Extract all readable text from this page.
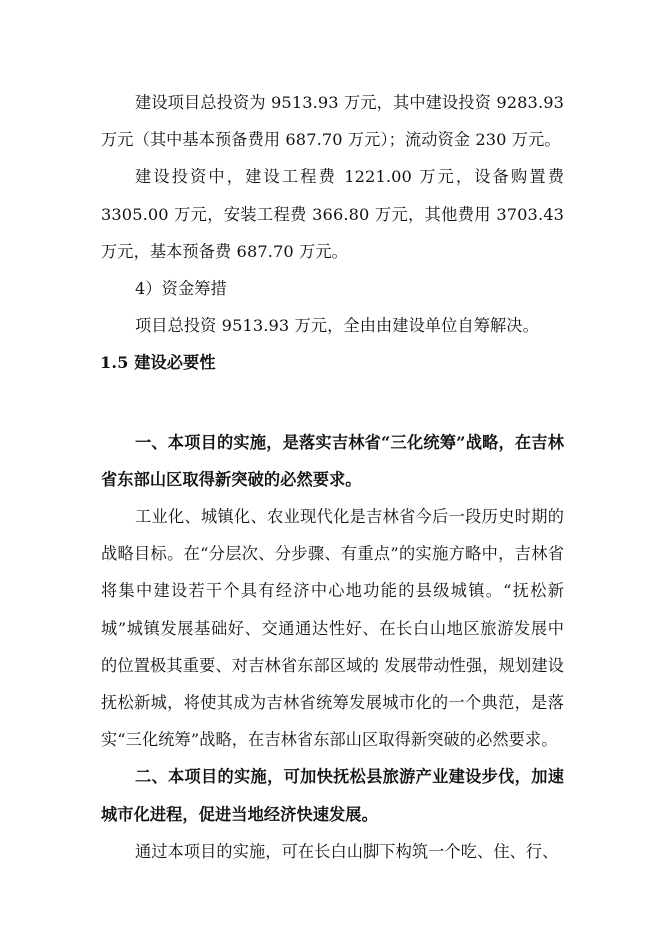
建设项目总投资为 9513.93 万元，其中建设投资 9283.93 万元（其中基本预备费用 687.70 万元）；流动资金 230 万元。

建设投资中，建设工程费 1221.00 万元，设备购置费 3305.00 万元，安装工程费 366.80 万元，其他费用 3703.43 万元，基本预备费 687.70 万元。

4）资金筹措

项目总投资 9513.93 万元，全由由建设单位自筹解决。

1.5 建设必要性

一、本项目的实施，是落实吉林省“三化统筹”战略，在吉林省东部山区取得新突破的必然要求。

工业化、城镇化、农业现代化是吉林省今后一段历史时期的战略目标。在“分层次、分步骤、有重点”的实施方略中，吉林省将集中建设若干个具有经济中心地功能的县级城镇。“抚松新城”城镇发展基础好、交通通达性好、在长白山地区旅游发展中的位置极其重要、对吉林省东部区域的 发展带动性强，规划建设抚松新城，将使其成为吉林省统筹发展城市化的一个典范，是落实“三化统筹”战略，在吉林省东部山区取得新突破的必然要求。

二、本项目的实施，可加快抚松县旅游产业建设步伐，加速城市化进程，促进当地经济快速发展。

通过本项目的实施，可在长白山脚下构筑一个吃、住、行、
